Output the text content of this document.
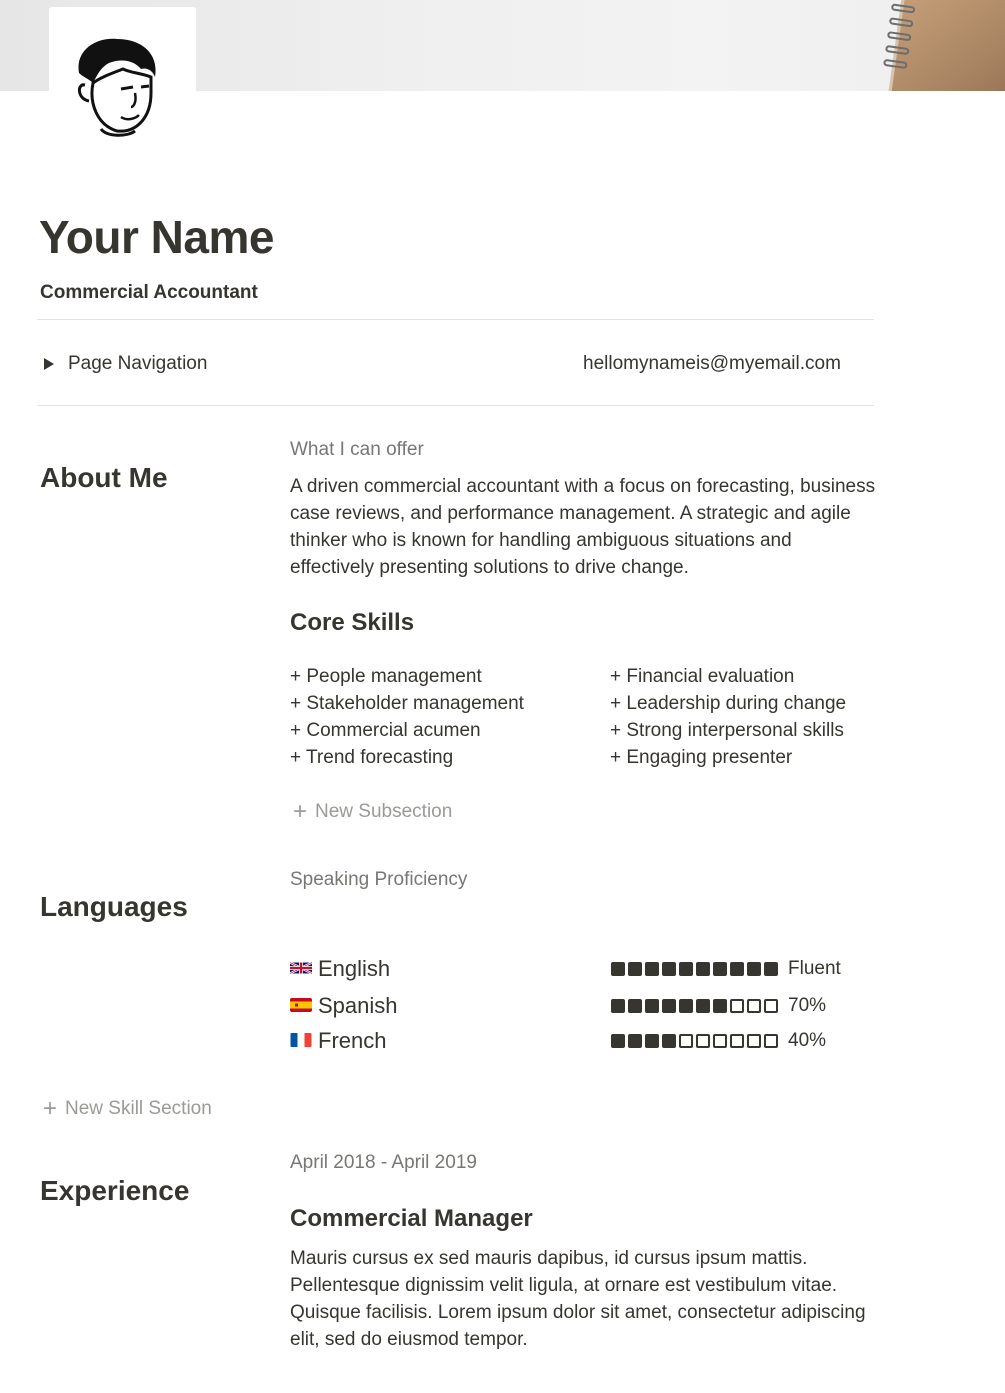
Your Name
Commercial Accountant
Page Navigation	hellomynameis@myemail.com
About Me
What I can offer
A driven commercial accountant with a focus on forecasting, business case reviews, and performance management. A strategic and agile thinker who is known for handling ambiguous situations and effectively presenting solutions to drive change.
Core Skills
+ People management
+ Stakeholder management
+ Commercial acumen
+ Trend forecasting
+ Financial evaluation
+ Leadership during change
+ Strong interpersonal skills
+ Engaging presenter
+ New Subsection
Languages
Speaking Proficiency
English	Fluent
Spanish	70%
French	40%
+ New Skill Section
Experience
April 2018 - April 2019
Commercial Manager
Mauris cursus ex sed mauris dapibus, id cursus ipsum mattis. Pellentesque dignissim velit ligula, at ornare est vestibulum vitae. Quisque facilisis. Lorem ipsum dolor sit amet, consectetur adipiscing elit, sed do eiusmod tempor.
